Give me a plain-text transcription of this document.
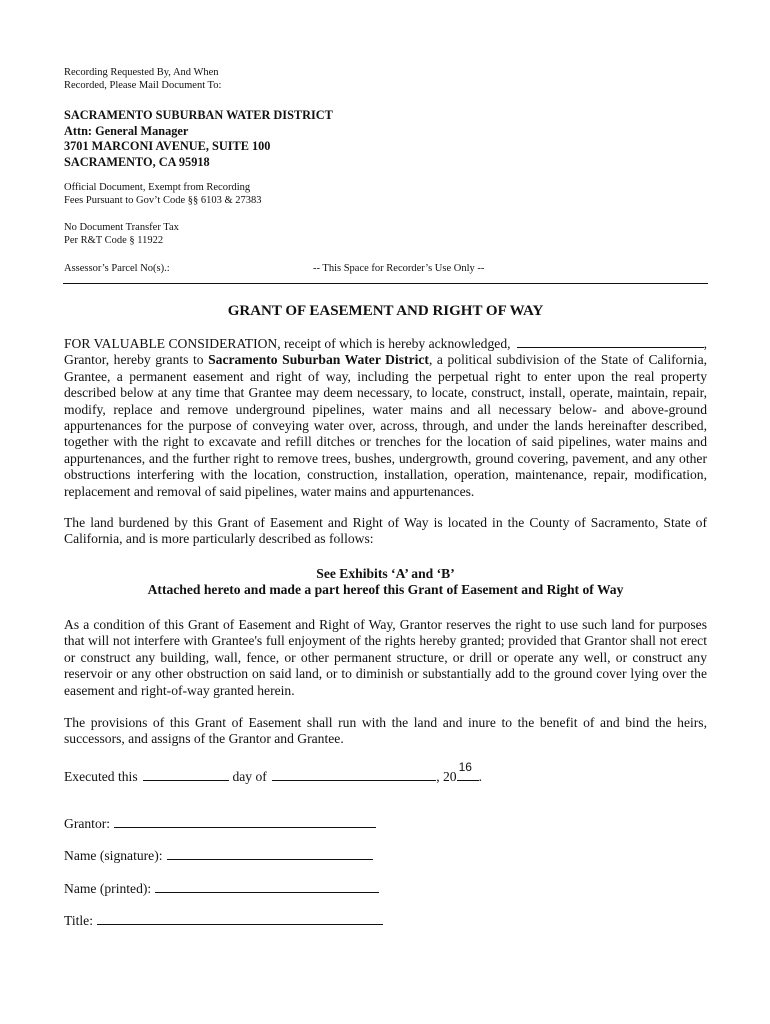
Recording Requested By, And When
Recorded, Please Mail Document To:
SACRAMENTO SUBURBAN WATER DISTRICT
Attn: General Manager
3701 MARCONI AVENUE, SUITE 100
SACRAMENTO, CA 95918
Official Document, Exempt from Recording
Fees Pursuant to Gov’t Code §§ 6103 & 27383
No Document Transfer Tax
Per R&T Code § 11922
Assessor’s Parcel No(s).:	-- This Space for Recorder’s Use Only --
GRANT OF EASEMENT AND RIGHT OF WAY
FOR VALUABLE CONSIDERATION, receipt of which is hereby acknowledged,	,
Grantor, hereby grants to Sacramento Suburban Water District, a political subdivision of the State of California, Grantee, a permanent easement and right of way, including the perpetual right to enter upon the real property described below at any time that Grantee may deem necessary, to locate, construct, install, operate, maintain, repair, modify, replace and remove underground pipelines, water mains and all necessary below- and above-ground appurtenances for the purpose of conveying water over, across, through, and under the lands hereinafter described, together with the right to excavate and refill ditches or trenches for the location of said pipelines, water mains and appurtenances, and the further right to remove trees, bushes, undergrowth, ground covering, pavement, and any other obstructions interfering with the location, construction, installation, operation, maintenance, repair, modification, replacement and removal of said pipelines, water mains and appurtenances.
The land burdened by this Grant of Easement and Right of Way is located in the County of Sacramento, State of California, and is more particularly described as follows:
See Exhibits ‘A’ and ‘B’
Attached hereto and made a part hereof this Grant of Easement and Right of Way
As a condition of this Grant of Easement and Right of Way, Grantor reserves the right to use such land for purposes that will not interfere with Grantee's full enjoyment of the rights hereby granted; provided that Grantor shall not erect or construct any building, wall, fence, or other permanent structure, or drill or operate any well, or construct any reservoir or any other obstruction on said land, or to diminish or substantially add to the ground cover lying over the easement and right-of-way granted herein.
The provisions of this Grant of Easement shall run with the land and inure to the benefit of and bind the heirs, successors, and assigns of the Grantor and Grantee.
Executed this	day of	, 20
16
.
Grantor:
Name (signature):
Name (printed):
Title:
